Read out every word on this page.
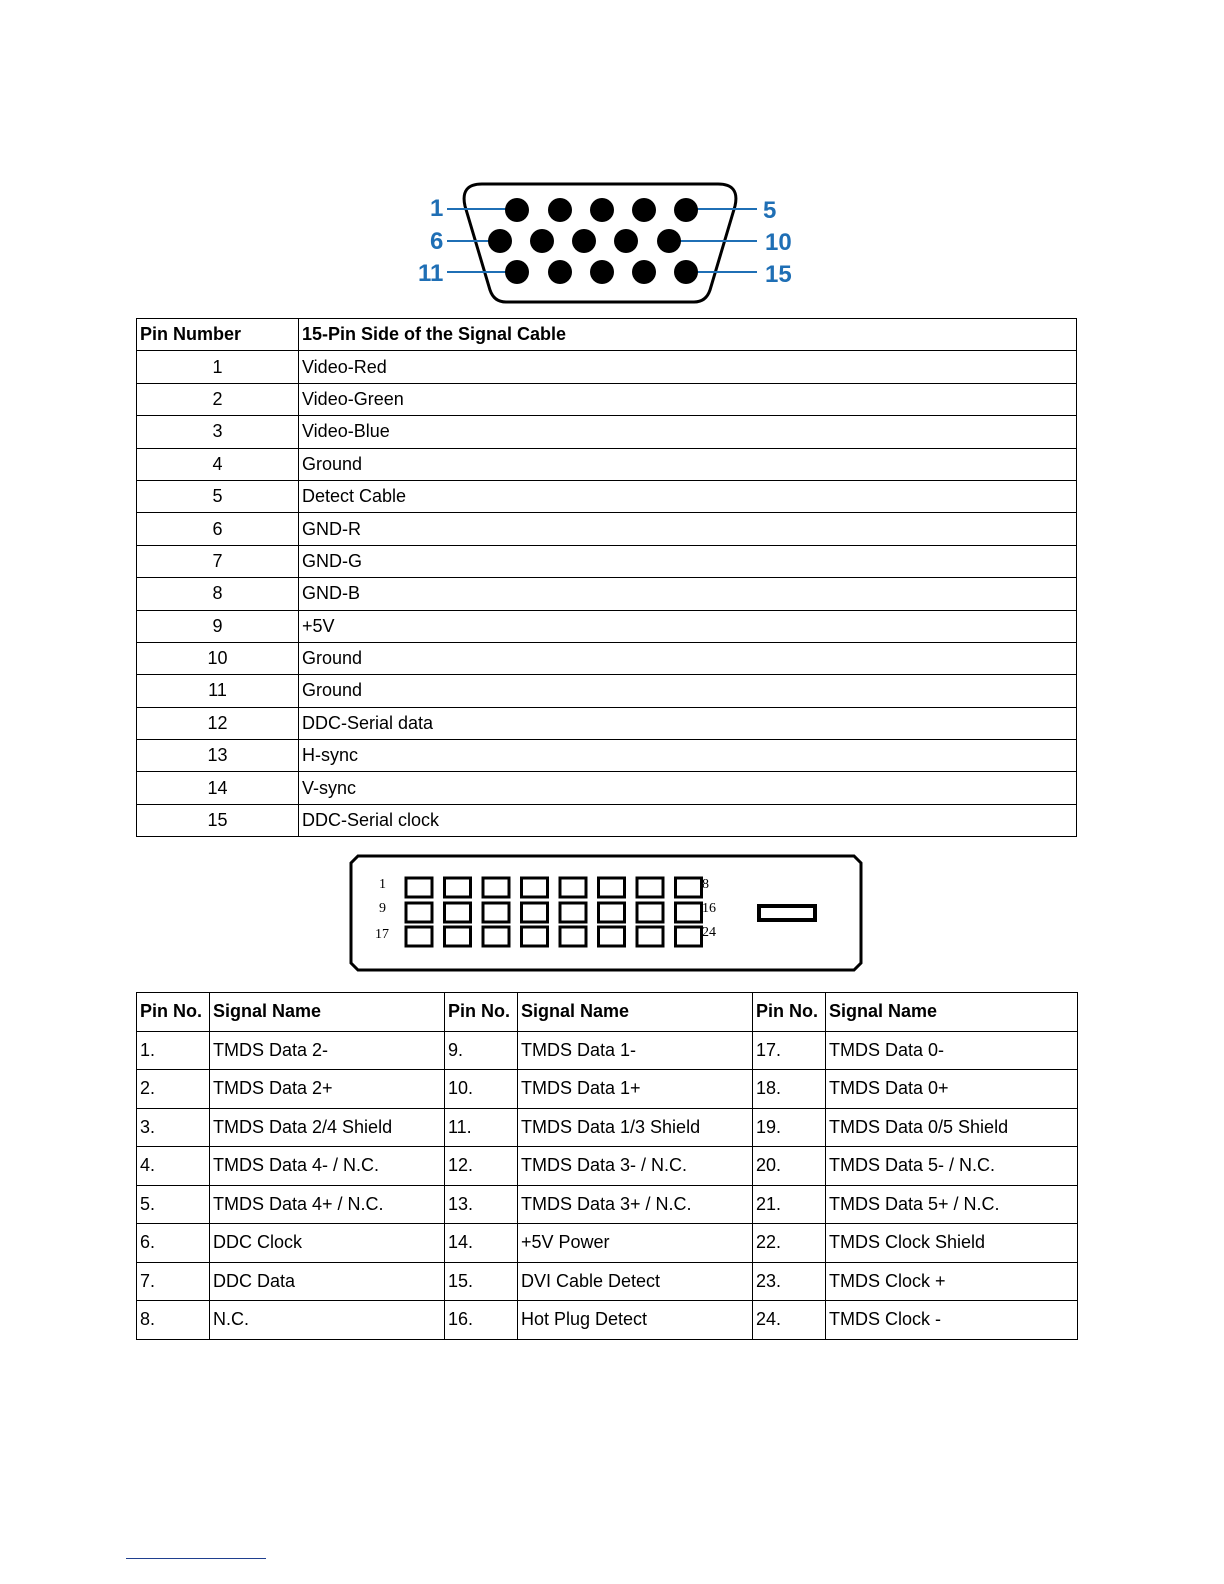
1
6
11
5
10
15
Pin Number	15-Pin Side of the Signal Cable
1	Video-Red
2	Video-Green
3	Video-Blue
4	Ground
5	Detect Cable
6	GND-R
7	GND-G
8	GND-B
9	+5V
10	Ground
11	Ground
12	DDC-Serial data
13	H-sync
14	V-sync
15	DDC-Serial clock
1
9
17
8
16
24
Pin No.	Signal Name	Pin No.	Signal Name	Pin No.	Signal Name
1.	TMDS Data 2-	9.	TMDS Data 1-	17.	TMDS Data 0-
2.	TMDS Data 2+	10.	TMDS Data 1+	18.	TMDS Data 0+
3.	TMDS Data 2/4 Shield	11.	TMDS Data 1/3 Shield	19.	TMDS Data 0/5 Shield
4.	TMDS Data 4- / N.C.	12.	TMDS Data 3- / N.C.	20.	TMDS Data 5- / N.C.
5.	TMDS Data 4+ / N.C.	13.	TMDS Data 3+ / N.C.	21.	TMDS Data 5+ / N.C.
6.	DDC Clock	14.	+5V Power	22.	TMDS Clock Shield
7.	DDC Data	15.	DVI Cable Detect	23.	TMDS Clock +
8.	N.C.	16.	Hot Plug Detect	24.	TMDS Clock -
